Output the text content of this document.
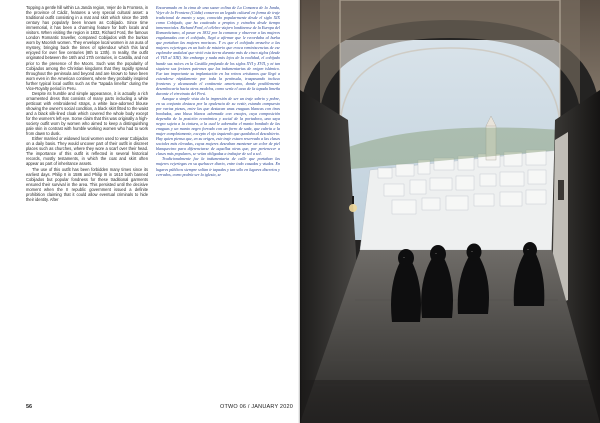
Topping a gentle hill within La Janda region, Vejer de la Frontera, in the province of Cádiz, features a very special cultural asset: a traditional outfit consisting in a mat and skirt which since the 19th century has popularly been known as Cobijado. Since time immemorial, it has been a charming feature for both locals and visitors. When visiting the region in 1832, Richard Ford, the famous London Romantic traveller, compared Cobijados with the burkas worn by Moorish women. They envelope local women in an aura of mystery, bringing back the times of splendour which this land enjoyed for over five centuries (8th to 13th). In reality, the outfit originated between the 16th and 17th centuries, in Castilla, and not prior to the presence of the Moors. Such was the popularity of Cobijados among the Christian kingdoms that they rapidly spread throughout the peninsula and beyond and are known to have been worn even in the American continent, where they probably inspired further typical local outfits such as the "tapada limeña" during the Vice-Royalty period in Peru.

Despite its humble and simple appearance, it is actually a rich ornamented dress that consists of many parts including a white petticoat with embroidered straps, a white lace-adorned blouse showing the owner's social condition, a black skirt fitted to the waist and a black silk-lined cloak which covered the whole body except for the women's left eye. Some claim that this was originally a high-society outfit worn by women who aimed to keep a distinguishing pale skin in contrast with humble working women who had to work from dawn to dusk.

Either married or widowed local women used to wear Cobijados on a daily basis. They would uncover part of their outfit in discreet places such as churches, where they wore a scarf over their head. The importance of this outfit is reflected in several historical records, mostly testaments, in which the coat and skirt often appear as part of inheritance assets.

The use of this outfit has been forbidden many times since its earliest days. Philip II in 1586 and Philip III in 1610 both banned Cobijados but popular fondness for these traditional garments ensured their survival in the area. This persisted until the decisive moment when the II republic government issued a definite prohibition claiming that it could allow eventual criminals to hide their identity. After

Encaramado en la cima de una suave colina de La Comarca de la Janda, Vejer de la Frontera (Cádiz) conserva un legado cultural en forma de traje tradicional de manto y saya, conocido popularmente desde el siglo XIX como Cobijado, que ha cautivado a propios y extraños desde tiempo inmemoriales. Richard Ford, el célebre viajero londinense de la Europa del Romanticismo, al pasar en 1832 por la comarca y observar a las mujeres engalanadas con el cobijado, llegó a afirmar que le recordaba al burka que portaban las mujeres moriscas. Y es que el cobijado envuelve a las mujeres vejeriegas en un halo de misterio que evoca reminiscencias de ese esplendor andalusí que vivió esta tierra durante más de cinco siglos (desde el VIII al XIII). Sin embargo y nada más lejos de la realidad, el cobijado hunde sus raíces en la Castilla profunda de los siglos XVI y XVII, y ni tan siquiera sus feriares patrones que las indumentarias de origen islámico. Fue tan importante su implantación en los reinos cristianos que llegó a extenderse rápidamente por toda la península, traspasando incluso fronteras y alcanzando el continente americano, donde posiblemente desembocaría hacia otros modelos, como sería el caso de la tapada limeña durante el virreinato del Perú.

Aunque a simple vista da la impresión de ser un traje sobrio y pobre, en su conjunto destaca por la opulencia de su vestir, estando compuesto por varias piezas, entre las que destacan unas enaguas blancas con tiras bordadas, una blusa blanca adornada con encajes, cuya composición dependía de la posición económica y social de la portadora, una saya negra sujeta a la cintura, a la cual le adornaba el manto bordado de las enaguas y un manto negro forrado con un forro de seda, que cubría a la mujer completamente, excepto el ojo izquierdo que quedaba al descubierto. Hay quien piensa que, en su origen, este traje estuvo reservado a las clases sociales más elevadas, cuyas mujeres deseaban mantener un color de piel blanquecino para diferenciarse de aquellas otras que, por pertenecer a clases más populares, se veían obligadas a trabajar de sol a sol.

Tradicionalmente fue la indumentaria de calle que portaban las mujeres vejeriegas en su quehacer diario, entre todo casadas y viudas. En lugares públicos siempre solían ir tapadas y tan sólo en lugares discretos y cerrados, como podría ser la iglesia, se

56	OTWO 06 / JANUARY 2020
